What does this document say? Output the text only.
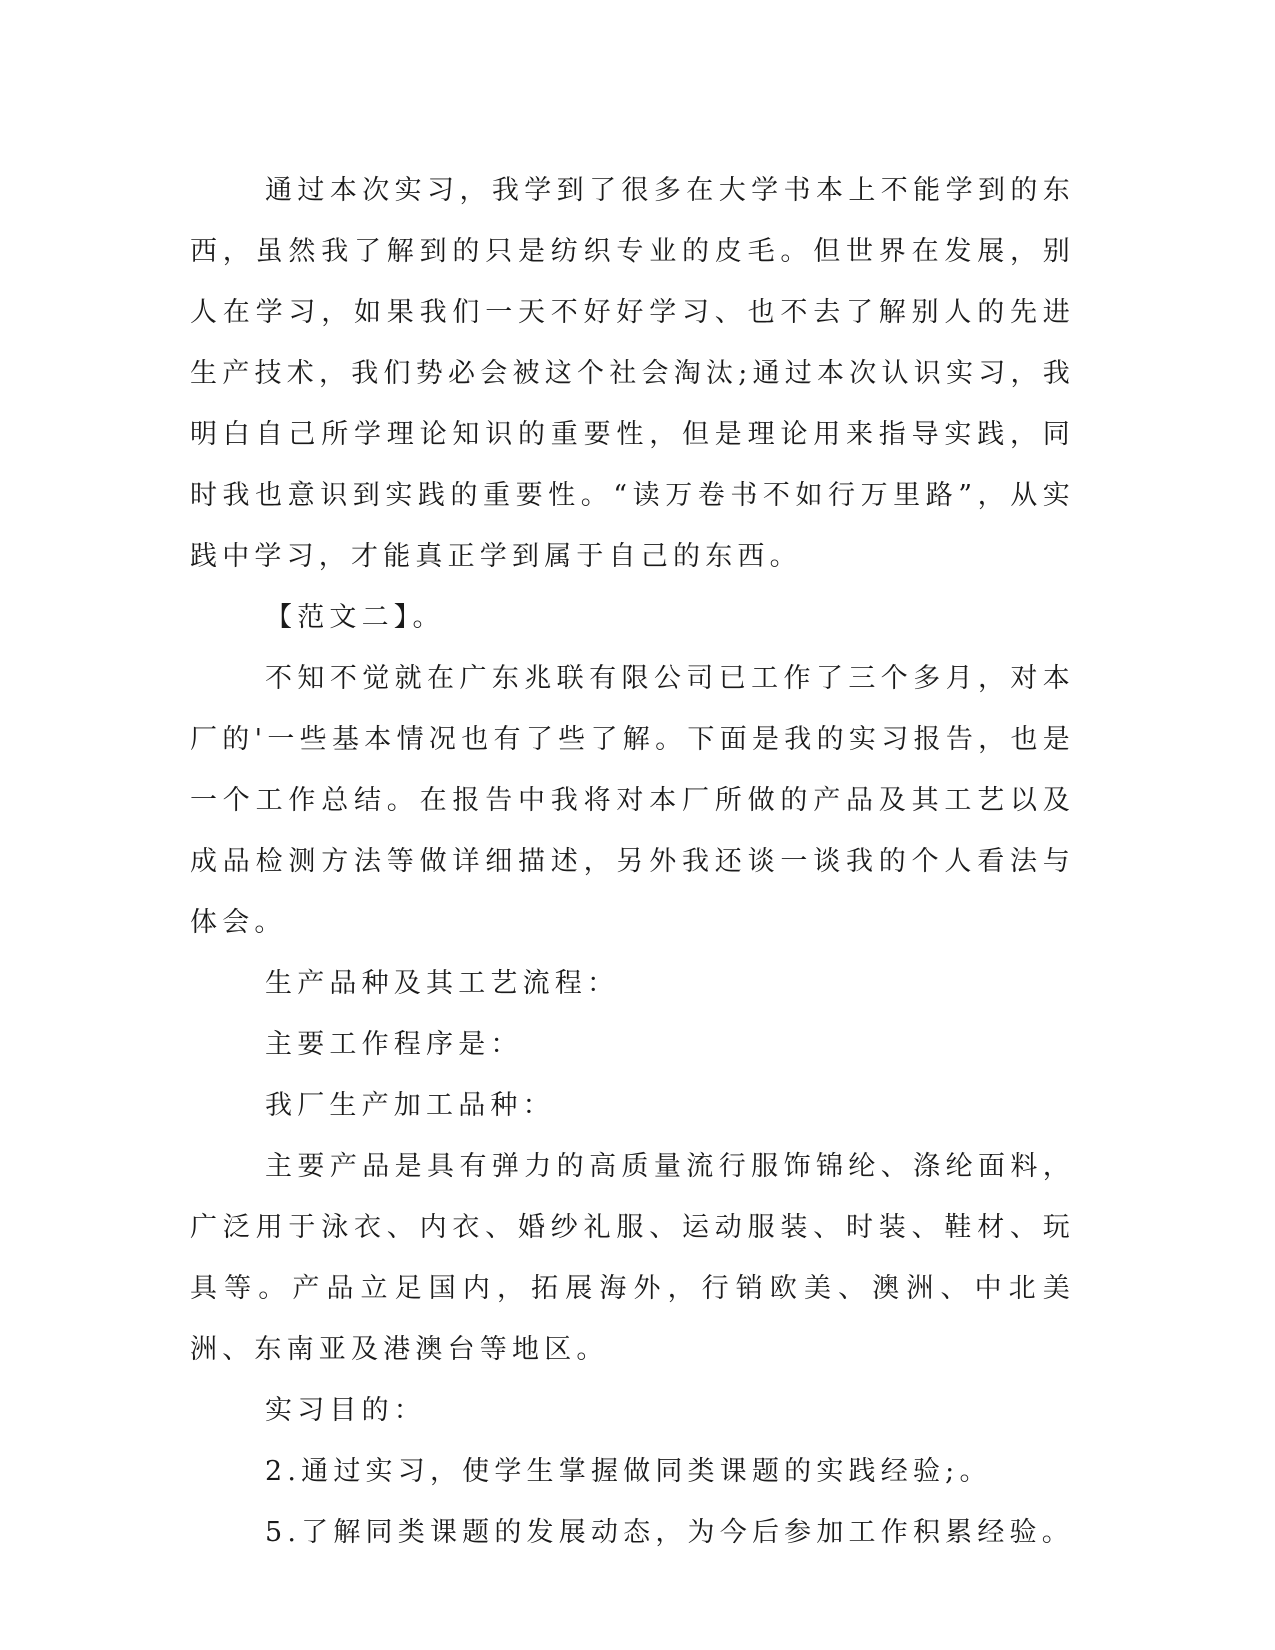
通过本次实习，我学到了很多在大学书本上不能学到的东西，虽然我了解到的只是纺织专业的皮毛。但世界在发展，别人在学习，如果我们一天不好好学习、也不去了解别人的先进生产技术，我们势必会被这个社会淘汰;通过本次认识实习，我明白自己所学理论知识的重要性，但是理论用来指导实践，同时我也意识到实践的重要性。“读万卷书不如行万里路”，从实践中学习，才能真正学到属于自己的东西。

【范文二】。

不知不觉就在广东兆联有限公司已工作了三个多月，对本厂的'一些基本情况也有了些了解。下面是我的实习报告，也是一个工作总结。在报告中我将对本厂所做的产品及其工艺以及成品检测方法等做详细描述，另外我还谈一谈我的个人看法与体会。

生产品种及其工艺流程：

主要工作程序是：

我厂生产加工品种：

主要产品是具有弹力的高质量流行服饰锦纶、涤纶面料，广泛用于泳衣、内衣、婚纱礼服、运动服装、时装、鞋材、玩具等。产品立足国内，拓展海外，行销欧美、澳洲、中北美洲、东南亚及港澳台等地区。

实习目的：

2.通过实习，使学生掌握做同类课题的实践经验;。

5.了解同类课题的发展动态，为今后参加工作积累经验。
